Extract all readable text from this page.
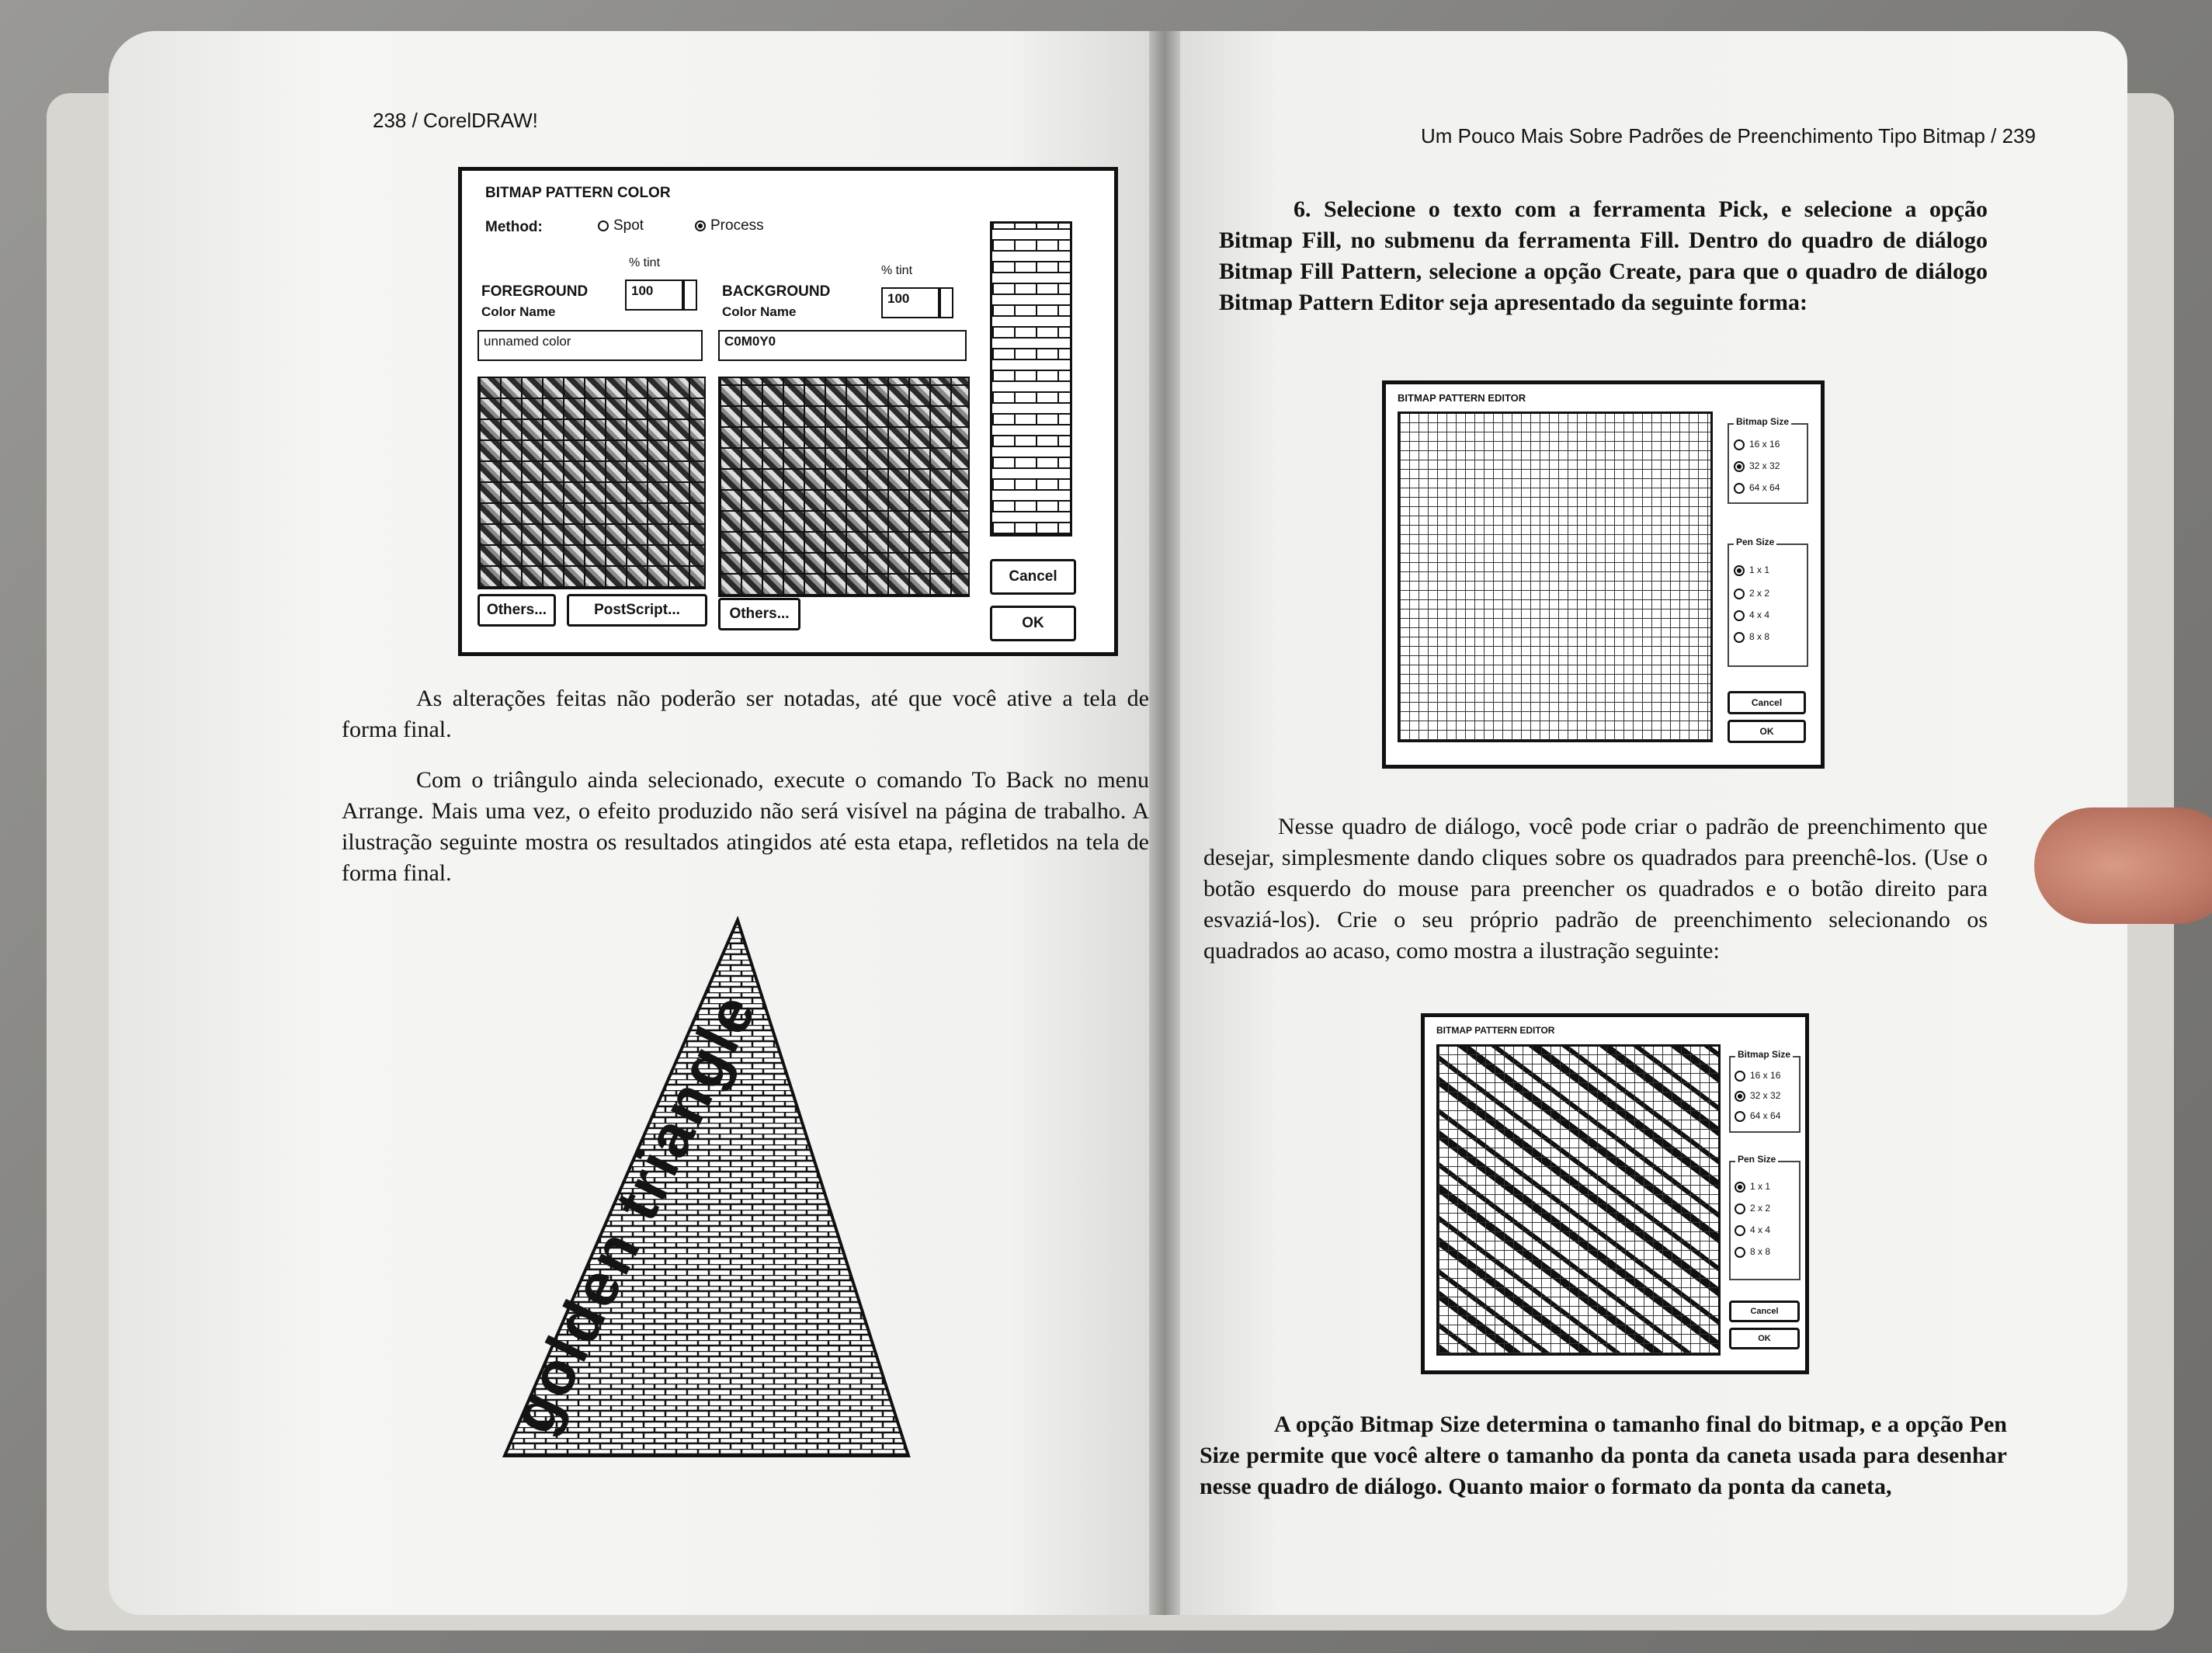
238 / CorelDRAW!
BITMAP PATTERN COLOR
Method:	Spot	Process
% tint
% tint
FOREGROUND
Color Name
100	BACKGROUND
Color Name
100
unnamed color	C0M0Y0
Others...	PostScript...	Others...
Cancel
OK
As alterações feitas não poderão ser notadas, até que você ative a tela de forma final.
Com o triângulo ainda selecionado, execute o comando To Back no menu Arrange. Mais uma vez, o efeito produzido não será visível na página de trabalho. A ilustração seguinte mostra os resultados atingidos até esta etapa, refletidos na tela de forma final.
golden triangle
Um Pouco Mais Sobre Padrões de Preenchimento Tipo Bitmap / 239
6. Selecione o texto com a ferramenta Pick, e selecione a opção Bitmap Fill, no submenu da ferramenta Fill. Dentro do quadro de diálogo Bitmap Fill Pattern, selecione a opção Create, para que o quadro de diálogo Bitmap Pattern Editor seja apresentado da seguinte forma:
BITMAP PATTERN EDITOR
Bitmap Size
16 x 16
32 x 32
64 x 64
Pen Size
1 x 1
2 x 2
4 x 4
8 x 8
Cancel
OK
Nesse quadro de diálogo, você pode criar o padrão de preenchimento que desejar, simplesmente dando cliques sobre os quadrados para preenchê-los. (Use o botão esquerdo do mouse para preencher os quadrados e o botão direito para esvaziá-los). Crie o seu próprio padrão de preenchimento selecionando os quadrados ao acaso, como mostra a ilustração seguinte:
BITMAP PATTERN EDITOR
Bitmap Size
16 x 16
32 x 32
64 x 64
Pen Size
1 x 1
2 x 2
4 x 4
8 x 8
Cancel
OK
A opção Bitmap Size determina o tamanho final do bitmap, e a opção Pen Size permite que você altere o tamanho da ponta da caneta usada para desenhar nesse quadro de diálogo. Quanto maior o formato da ponta da caneta,
